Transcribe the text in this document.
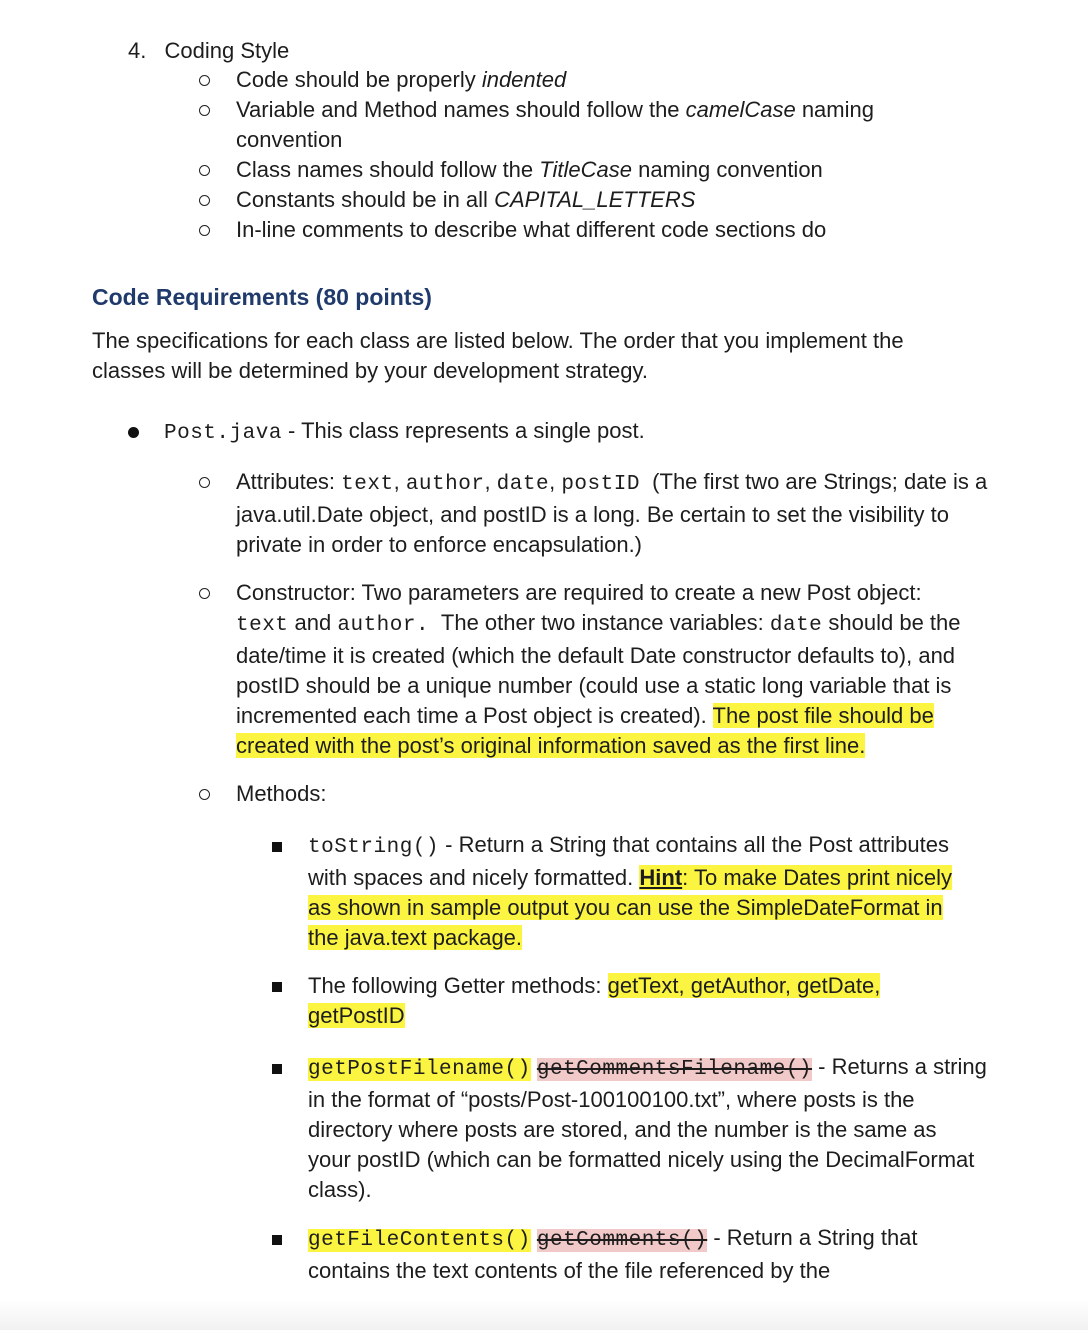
4. Coding Style
Code should be properly indented
Variable and Method names should follow the camelCase naming
convention
Class names should follow the TitleCase naming convention
Constants should be in all CAPITAL_LETTERS
In-line comments to describe what different code sections do
Code Requirements (80 points)
The specifications for each class are listed below. The order that you implement the
classes will be determined by your development strategy.
Post.java - This class represents a single post.
Attributes: text, author, date, postID  (The first two are Strings; date is a
java.util.Date object, and postID is a long. Be certain to set the visibility to
private in order to enforce encapsulation.)
Constructor: Two parameters are required to create a new Post object:
text and author.  The other two instance variables: date should be the
date/time it is created (which the default Date constructor defaults to), and
postID should be a unique number (could use a static long variable that is
incremented each time a Post object is created). The post file should be
created with the post’s original information saved as the first line.
Methods:
toString() - Return a String that contains all the Post attributes
with spaces and nicely formatted. Hint: To make Dates print nicely
as shown in sample output you can use the SimpleDateFormat in
the java.text package.
The following Getter methods: getText, getAuthor, getDate,
getPostID
getPostFilename() getCommentsFilename() - Returns a string
in the format of “posts/Post-100100100.txt”, where posts is the
directory where posts are stored, and the number is the same as
your postID (which can be formatted nicely using the DecimalFormat
class).
getFileContents() getComments() - Return a String that
contains the text contents of the file referenced by the
